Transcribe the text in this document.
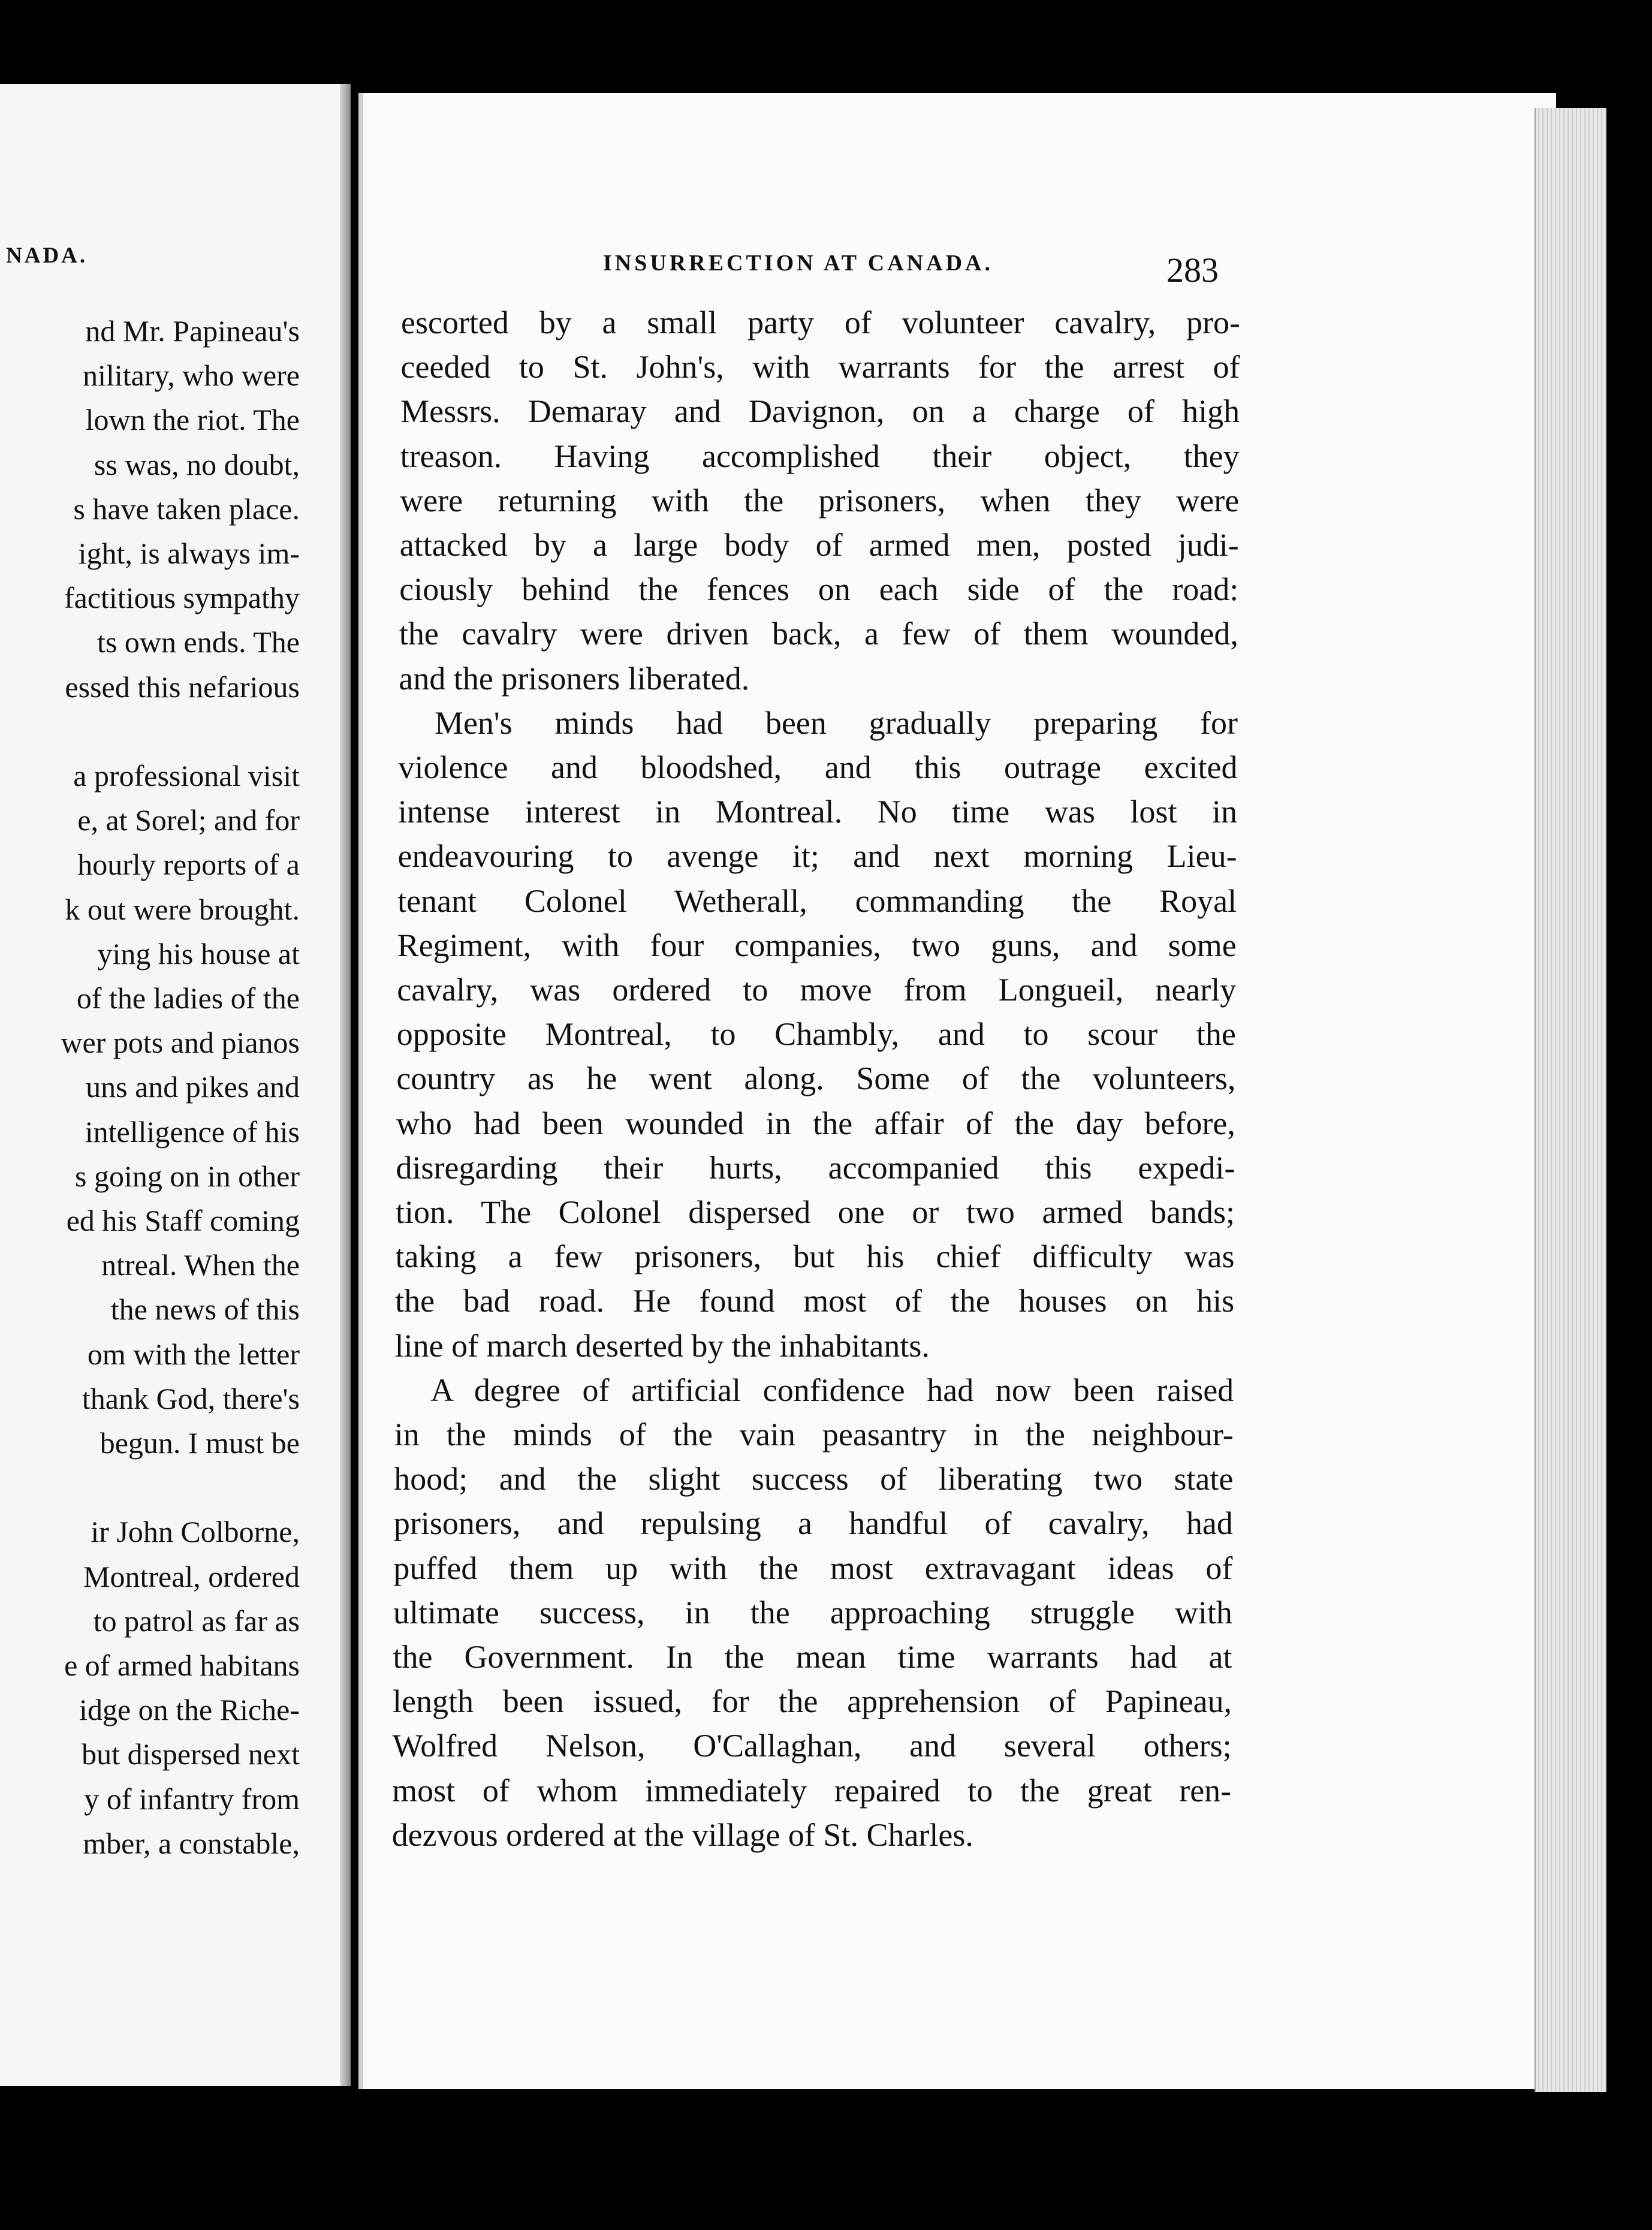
NADA.
nd Mr. Papineau's
nilitary, who were
lown the riot. The
ss was, no doubt,
s have taken place.
ight, is always im-
factitious sympathy
ts own ends. The
essed this nefarious
a professional visit
e, at Sorel; and for
hourly reports of a
k out were brought.
ying his house at
of the ladies of the
wer pots and pianos
uns and pikes and
intelligence of his
s going on in other
ed his Staff coming
ntreal. When the
the news of this
om with the letter
thank God, there's
begun. I must be
ir John Colborne,
Montreal, ordered
to patrol as far as
e of armed habitans
idge on the Riche-
but dispersed next
y of infantry from
mber, a constable,
INSURRECTION AT CANADA.	283
escorted by a small party of volunteer cavalry, pro-
ceeded to St. John's, with warrants for the arrest of
Messrs. Demaray and Davignon, on a charge of high
treason. Having accomplished their object, they
were returning with the prisoners, when they were
attacked by a large body of armed men, posted judi-
ciously behind the fences on each side of the road:
the cavalry were driven back, a few of them wounded,
and the prisoners liberated.
Men's minds had been gradually preparing for
violence and bloodshed, and this outrage excited
intense interest in Montreal. No time was lost in
endeavouring to avenge it; and next morning Lieu-
tenant Colonel Wetherall, commanding the Royal
Regiment, with four companies, two guns, and some
cavalry, was ordered to move from Longueil, nearly
opposite Montreal, to Chambly, and to scour the
country as he went along. Some of the volunteers,
who had been wounded in the affair of the day before,
disregarding their hurts, accompanied this expedi-
tion. The Colonel dispersed one or two armed bands;
taking a few prisoners, but his chief difficulty was
the bad road. He found most of the houses on his
line of march deserted by the inhabitants.
A degree of artificial confidence had now been raised
in the minds of the vain peasantry in the neighbour-
hood; and the slight success of liberating two state
prisoners, and repulsing a handful of cavalry, had
puffed them up with the most extravagant ideas of
ultimate success, in the approaching struggle with
the Government. In the mean time warrants had at
length been issued, for the apprehension of Papineau,
Wolfred Nelson, O'Callaghan, and several others;
most of whom immediately repaired to the great ren-
dezvous ordered at the village of St. Charles.
